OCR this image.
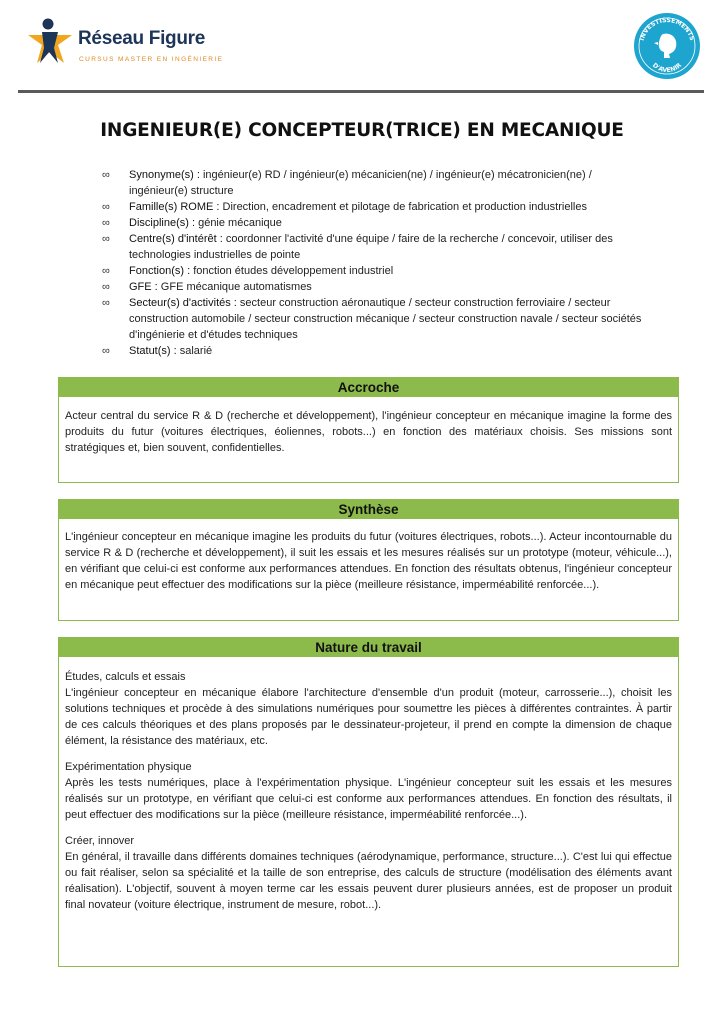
Réseau Figure
CURSUS MASTER EN INGÉNIERIE
INVESTISSEMENTS
D'AVENIR
INGENIEUR(E) CONCEPTEUR(TRICE) EN MECANIQUE
∞ Synonyme(s) : ingénieur(e) RD / ingénieur(e) mécanicien(ne) / ingénieur(e) mécatronicien(ne) / ingénieur(e) structure
∞ Famille(s) ROME : Direction, encadrement et pilotage de fabrication et production industrielles
∞ Discipline(s) : génie mécanique
∞ Centre(s) d'intérêt : coordonner l'activité d'une équipe / faire de la recherche / concevoir, utiliser des technologies industrielles de pointe
∞ Fonction(s) : fonction études développement industriel
∞ GFE : GFE mécanique automatismes
∞ Secteur(s) d'activités : secteur construction aéronautique / secteur construction ferroviaire / secteur construction automobile / secteur construction mécanique / secteur construction navale / secteur sociétés d'ingénierie et d'études techniques
∞ Statut(s) : salarié
Accroche

Acteur central du service R & D (recherche et développement), l'ingénieur concepteur en mécanique imagine la forme des produits du futur (voitures électriques, éoliennes, robots...) en fonction des matériaux choisis. Ses missions sont stratégiques et, bien souvent, confidentielles.

Synthèse

L'ingénieur concepteur en mécanique imagine les produits du futur (voitures électriques, robots...). Acteur incontournable du service R & D (recherche et développement), il suit les essais et les mesures réalisés sur un prototype (moteur, véhicule...), en vérifiant que celui-ci est conforme aux performances attendues. En fonction des résultats obtenus, l'ingénieur concepteur en mécanique peut effectuer des modifications sur la pièce (meilleure résistance, imperméabilité renforcée...).

Nature du travail

Études, calculs et essais

L'ingénieur concepteur en mécanique élabore l'architecture d'ensemble d'un produit (moteur, carrosserie...), choisit les solutions techniques et procède à des simulations numériques pour soumettre les pièces à différentes contraintes. À partir de ces calculs théoriques et des plans proposés par le dessinateur-projeteur, il prend en compte la dimension de chaque élément, la résistance des matériaux, etc.

Expérimentation physique

Après les tests numériques, place à l'expérimentation physique. L'ingénieur concepteur suit les essais et les mesures réalisés sur un prototype, en vérifiant que celui-ci est conforme aux performances attendues. En fonction des résultats, il peut effectuer des modifications sur la pièce (meilleure résistance, imperméabilité renforcée...).

Créer, innover

En général, il travaille dans différents domaines techniques (aérodynamique, performance, structure...). C'est lui qui effectue ou fait réaliser, selon sa spécialité et la taille de son entreprise, des calculs de structure (modélisation des éléments avant réalisation). L'objectif, souvent à moyen terme car les essais peuvent durer plusieurs années, est de proposer un produit final novateur (voiture électrique, instrument de mesure, robot...).
